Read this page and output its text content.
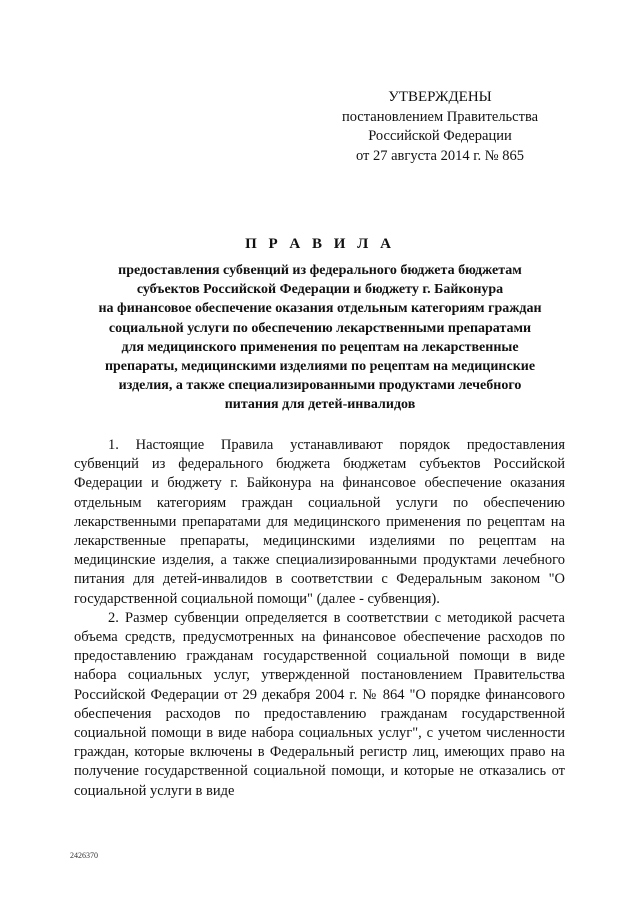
УТВЕРЖДЕНЫ
постановлением Правительства
Российской Федерации
от 27 августа 2014 г. № 865
П Р А В И Л А
предоставления субвенций из федерального бюджета бюджетам
субъектов Российской Федерации и бюджету г. Байконура
на финансовое обеспечение оказания отдельным категориям граждан
социальной услуги по обеспечению лекарственными препаратами
для медицинского применения по рецептам на лекарственные
препараты, медицинскими изделиями по рецептам на медицинские
изделия, а также специализированными продуктами лечебного
питания для детей-инвалидов

1. Настоящие Правила устанавливают порядок предоставления субвенций из федерального бюджета бюджетам субъектов Российской Федерации и бюджету г. Байконура на финансовое обеспечение оказания отдельным категориям граждан социальной услуги по обеспечению лекарственными препаратами для медицинского применения по рецептам на лекарственные препараты, медицинскими изделиями по рецептам на медицинские изделия, а также специализированными продуктами лечебного питания для детей-инвалидов в соответствии с Федеральным законом "О государственной социальной помощи" (далее - субвенция).

2. Размер субвенции определяется в соответствии с методикой расчета объема средств, предусмотренных на финансовое обеспечение расходов по предоставлению гражданам государственной социальной помощи в виде набора социальных услуг, утвержденной постановлением Правительства Российской Федерации от 29 декабря 2004 г. № 864 "О порядке финансового обеспечения расходов по предоставлению гражданам государственной социальной помощи в виде набора социальных услуг", с учетом численности граждан, которые включены в Федеральный регистр лиц, имеющих право на получение государственной социальной помощи, и которые не отказались от социальной услуги в виде

2426370
